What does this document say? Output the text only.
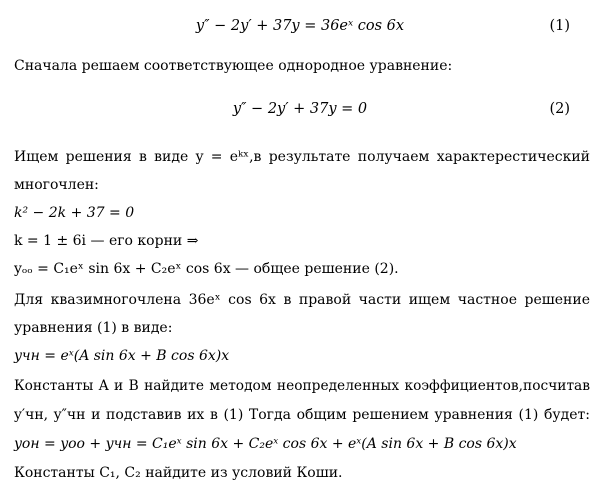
y″ − 2y′ + 37y = 36eˣ cos 6x	(1)
Сначала решаем соответствующее однородное уравнение:
y″ − 2y′ + 37y = 0	(2)
Ищем решения в виде y = eᵏˣ,в результате получаем характерестический
многочлен:
k² − 2k + 37 = 0
k = 1 ± 6i — его корни ⇒
yₒₒ = C₁eˣ sin 6x + C₂eˣ cos 6x — общее решение (2).
Для квазимногочлена 36eˣ cos 6x в правой части ищем частное решение
уравнения (1) в виде:
yчн = eˣ(A sin 6x + B cos 6x)x
Константы A и B найдите методом неопределенных коэффициентов,посчитав
y′чн, y″чн и подставив их в (1) Тогда общим решением уравнения (1) будет:
yон = yоо + yчн = C₁eˣ sin 6x + C₂eˣ cos 6x + eˣ(A sin 6x + B cos 6x)x
Константы C₁, C₂ найдите из условий Коши.
